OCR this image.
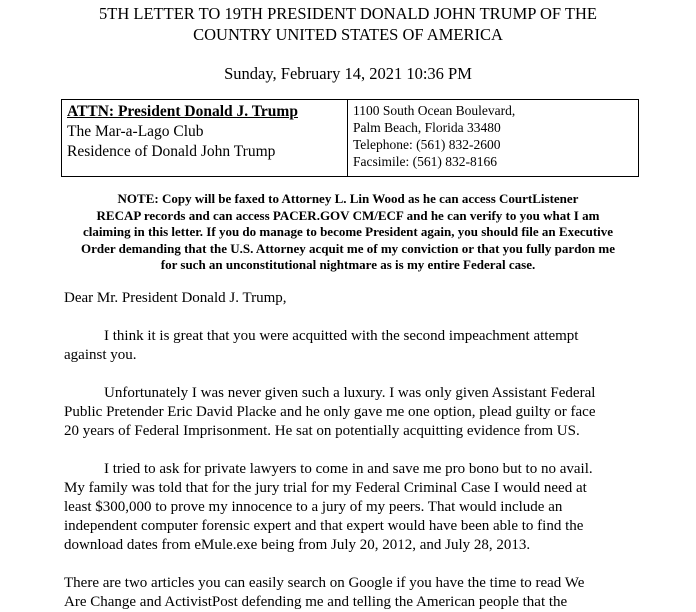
5TH LETTER TO 19TH PRESIDENT DONALD JOHN TRUMP OF THE
COUNTRY UNITED STATES OF AMERICA
Sunday, February 14, 2021 10:36 PM
ATTN: President Donald J. Trump
The Mar-a-Lago Club
Residence of Donald John Trump

1100 South Ocean Boulevard,
Palm Beach, Florida 33480
Telephone: (561) 832-2600
Facsimile: (561) 832-8166
NOTE: Copy will be faxed to Attorney L. Lin Wood as he can access CourtListener
RECAP records and can access PACER.GOV CM/ECF and he can verify to you what I am
claiming in this letter. If you do manage to become President again, you should file an Executive
Order demanding that the U.S. Attorney acquit me of my conviction or that you fully pardon me
for such an unconstitutional nightmare as is my entire Federal case.
Dear Mr. President Donald J. Trump,
I think it is great that you were acquitted with the second impeachment attempt
against you.
Unfortunately I was never given such a luxury. I was only given Assistant Federal
Public Pretender Eric David Placke and he only gave me one option, plead guilty or face
20 years of Federal Imprisonment. He sat on potentially acquitting evidence from US.
I tried to ask for private lawyers to come in and save me pro bono but to no avail.
My family was told that for the jury trial for my Federal Criminal Case I would need at
least $300,000 to prove my innocence to a jury of my peers. That would include an
independent computer forensic expert and that expert would have been able to find the
download dates from eMule.exe being from July 20, 2012, and July 28, 2013.
There are two articles you can easily search on Google if you have the time to read We
Are Change and ActivistPost defending me and telling the American people that the
